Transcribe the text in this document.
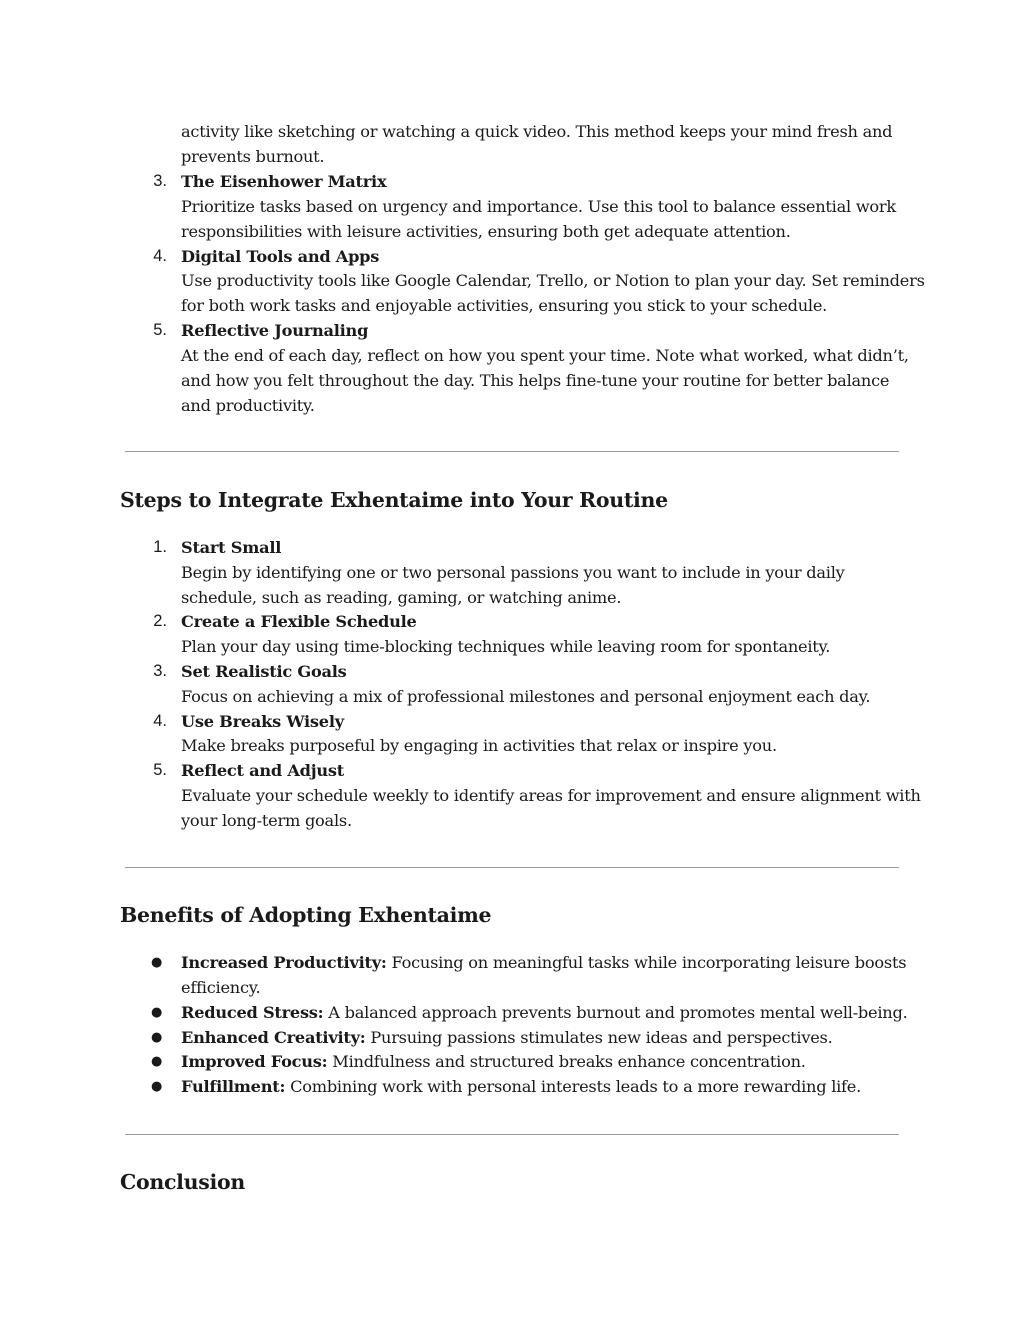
activity like sketching or watching a quick video. This method keeps your mind fresh and

prevents burnout.

3. The Eisenhower Matrix

Prioritize tasks based on urgency and importance. Use this tool to balance essential work

responsibilities with leisure activities, ensuring both get adequate attention.

4. Digital Tools and Apps

Use productivity tools like Google Calendar, Trello, or Notion to plan your day. Set reminders

for both work tasks and enjoyable activities, ensuring you stick to your schedule.

5. Reflective Journaling

At the end of each day, reflect on how you spent your time. Note what worked, what didn’t,

and how you felt throughout the day. This helps fine-tune your routine for better balance

and productivity.

Steps to Integrate Exhentaime into Your Routine
1. Start Small

Begin by identifying one or two personal passions you want to include in your daily

schedule, such as reading, gaming, or watching anime.

2. Create a Flexible Schedule

Plan your day using time-blocking techniques while leaving room for spontaneity.

3. Set Realistic Goals

Focus on achieving a mix of professional milestones and personal enjoyment each day.

4. Use Breaks Wisely

Make breaks purposeful by engaging in activities that relax or inspire you.

5. Reflect and Adjust

Evaluate your schedule weekly to identify areas for improvement and ensure alignment with

your long-term goals.

Benefits of Adopting Exhentaime
● Increased Productivity: Focusing on meaningful tasks while incorporating leisure boosts

efficiency.

● Reduced Stress: A balanced approach prevents burnout and promotes mental well-being.

● Enhanced Creativity: Pursuing passions stimulates new ideas and perspectives.

● Improved Focus: Mindfulness and structured breaks enhance concentration.

● Fulfillment: Combining work with personal interests leads to a more rewarding life.

Conclusion
